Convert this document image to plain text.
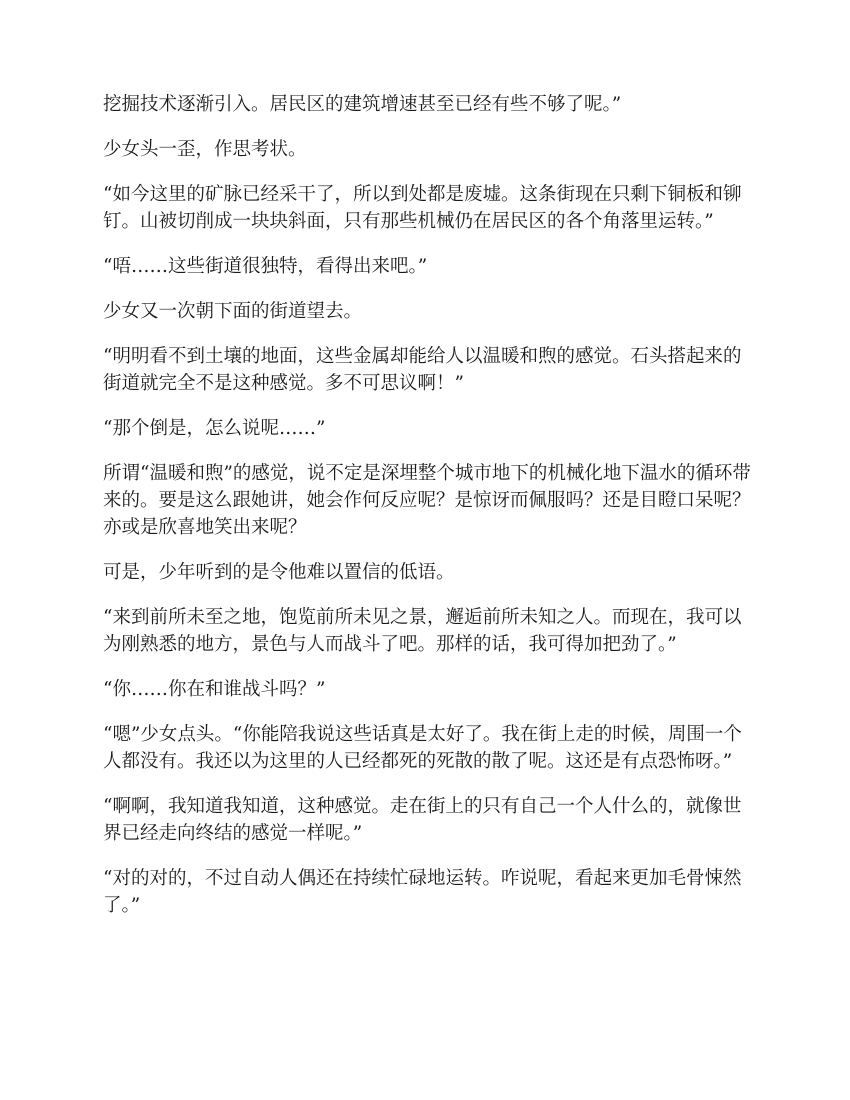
挖掘技术逐渐引入。居民区的建筑增速甚至已经有些不够了呢。”

少女头一歪，作思考状。

“如今这里的矿脉已经采干了，所以到处都是废墟。这条街现在只剩下铜板和铆钉。山被切削成一块块斜面，只有那些机械仍在居民区的各个角落里运转。”

“唔……这些街道很独特，看得出来吧。”

少女又一次朝下面的街道望去。

“明明看不到土壤的地面，这些金属却能给人以温暖和煦的感觉。石头搭起来的街道就完全不是这种感觉。多不可思议啊！”

“那个倒是，怎么说呢……”

所谓“温暖和煦”的感觉，说不定是深埋整个城市地下的机械化地下温水的循环带来的。要是这么跟她讲，她会作何反应呢？是惊讶而佩服吗？还是目瞪口呆呢？亦或是欣喜地笑出来呢？

可是，少年听到的是令他难以置信的低语。

“来到前所未至之地，饱览前所未见之景，邂逅前所未知之人。而现在，我可以为刚熟悉的地方，景色与人而战斗了吧。那样的话，我可得加把劲了。”

“你……你在和谁战斗吗？”

“嗯”少女点头。“你能陪我说这些话真是太好了。我在街上走的时候，周围一个人都没有。我还以为这里的人已经都死的死散的散了呢。这还是有点恐怖呀。”

“啊啊，我知道我知道，这种感觉。走在街上的只有自己一个人什么的，就像世界已经走向终结的感觉一样呢。”

“对的对的，不过自动人偶还在持续忙碌地运转。咋说呢，看起来更加毛骨悚然了。”
